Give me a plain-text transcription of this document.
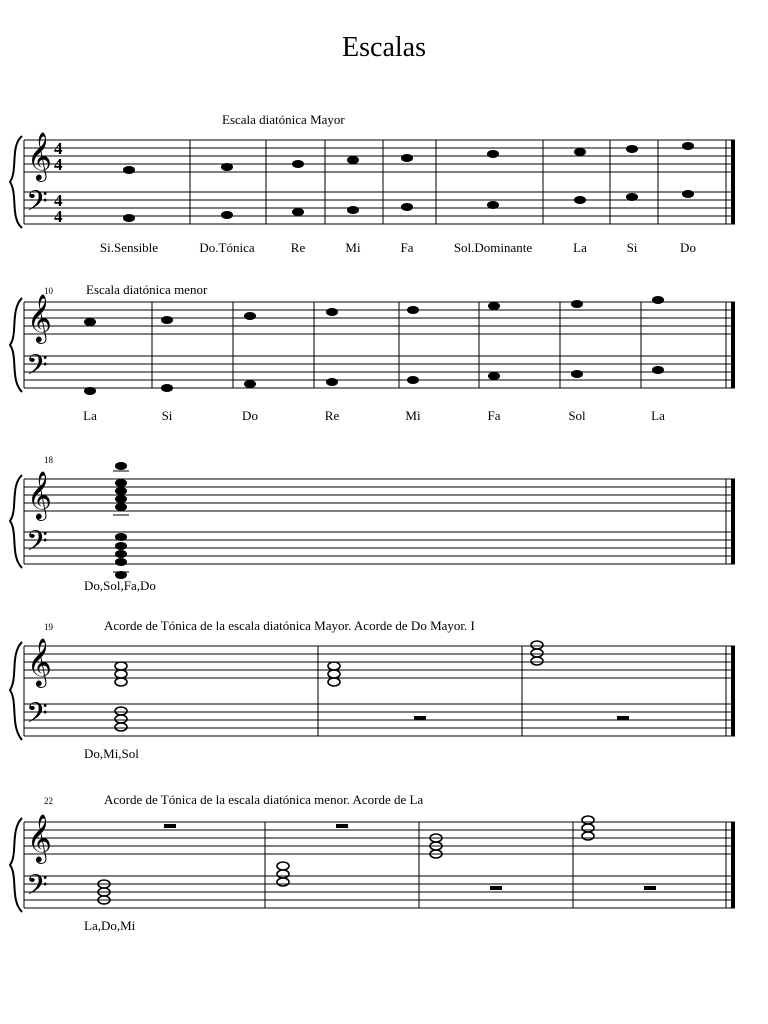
Escalas
𝄞
𝄢
4
4
4
4
Escala diatónica Mayor
Si.Sensible	Do.Tónica	Re	Mi	Fa	Sol.Dominante	La	Si	Do
𝄞
𝄢
10	Escala diatónica menor
La	Si	Do	Re	Mi	Fa	Sol	La
𝄞
𝄢
18
Do,Sol,Fa,Do
𝄞
𝄢
19	Acorde de Tónica de la escala diatónica Mayor. Acorde de Do Mayor. I
Do,Mi,Sol
𝄞
𝄢
22	Acorde de Tónica de la escala diatónica menor. Acorde de La
La,Do,Mi
